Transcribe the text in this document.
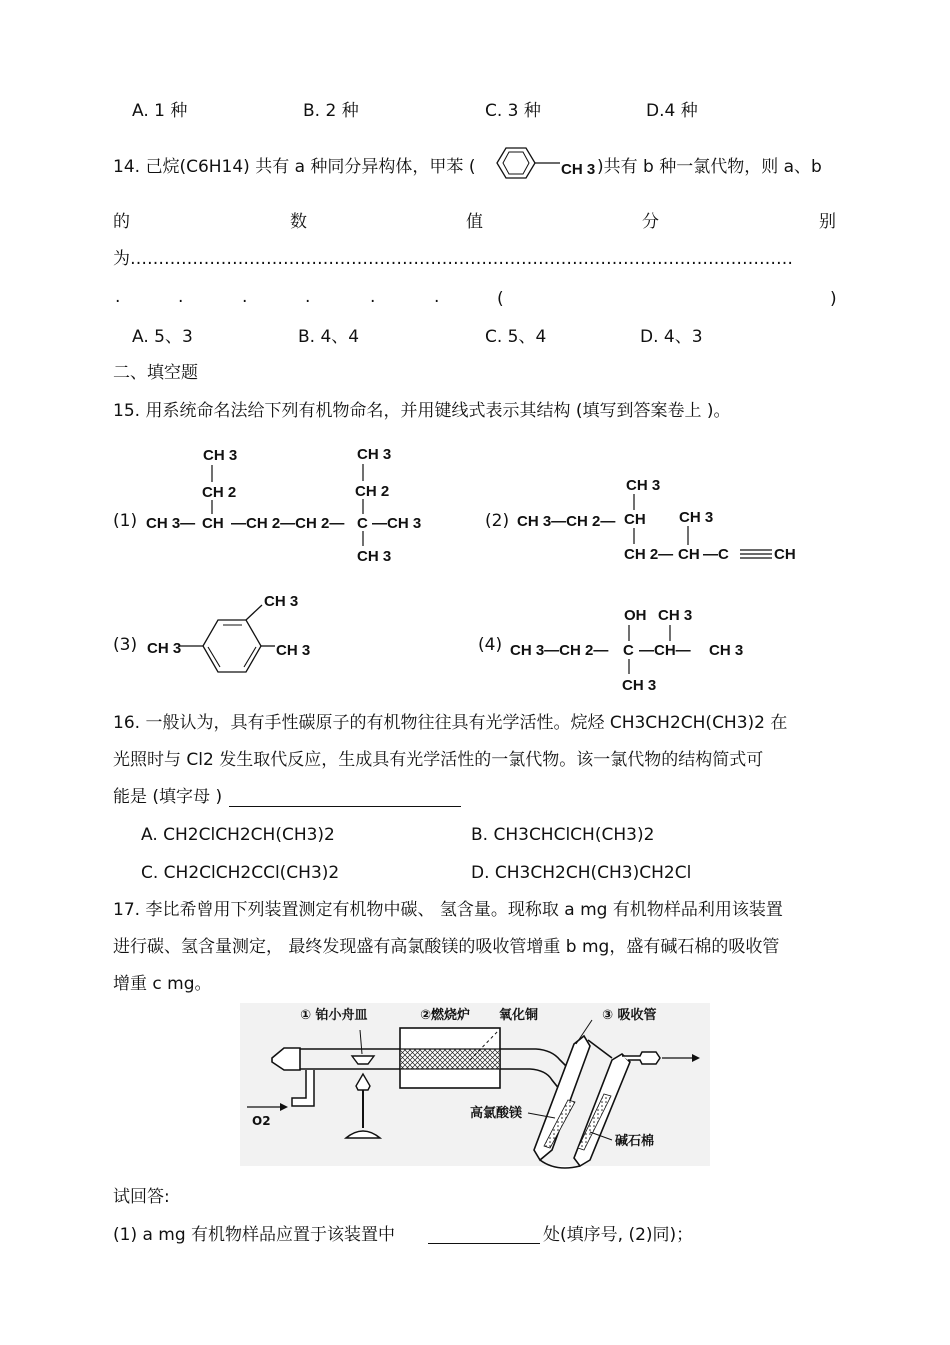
A. 1 种	B. 2 种	C. 3 种	D.4 种
14. 己烷(C6H14) 共有 a 种同分异构体，甲苯 (	CH 3 )共有 b 种一氯代物，则 a、b
的	数	值	分	别
为………………………………………………………………………………………………………
.	.	.	.	.	.	(	)
A. 5、3	B. 4、4	C. 5、4	D. 4、3
二、填空题
15. 用系统命名法给下列有机物命名，并用键线式表示其结构 (填写到答案卷上 )。
(1)
CH 3
CH 2
CH 3— CH —CH 2—CH 2— C —CH 3
CH 3
CH 2
CH 3
(2)
CH 3
CH 3—CH 2— CH CH 3
CH 2— CH —C	CH
(3)
CH 3
CH 3	CH 3	(4)
OH CH 3
CH 3—CH 2— C —CH— CH 3
CH 3
16. 一般认为，具有手性碳原子的有机物往往具有光学活性。烷烃 CH3CH2CH(CH3)2 在
光照时与 Cl2 发生取代反应，生成具有光学活性的一氯代物。该一氯代物的结构简式可
能是 (填字母 )
A. CH2ClCH2CH(CH3)2	B. CH3CHClCH(CH3)2
C. CH2ClCH2CCl(CH3)2	D. CH3CH2CH(CH3)CH2Cl
17. 李比希曾用下列装置测定有机物中碳、 氢含量。现称取 a mg 有机物样品利用该装置
进行碳、氢含量测定， 最终发现盛有高氯酸镁的吸收管增重 b mg，盛有碱石棉的吸收管
增重 c mg。
① 铂小舟皿	②燃烧炉 氧化铜	③ 吸收管
高氯酸镁
碱石棉
O2
试回答:
(1) a mg 有机物样品应置于该装置中	处(填序号, (2)同)；
